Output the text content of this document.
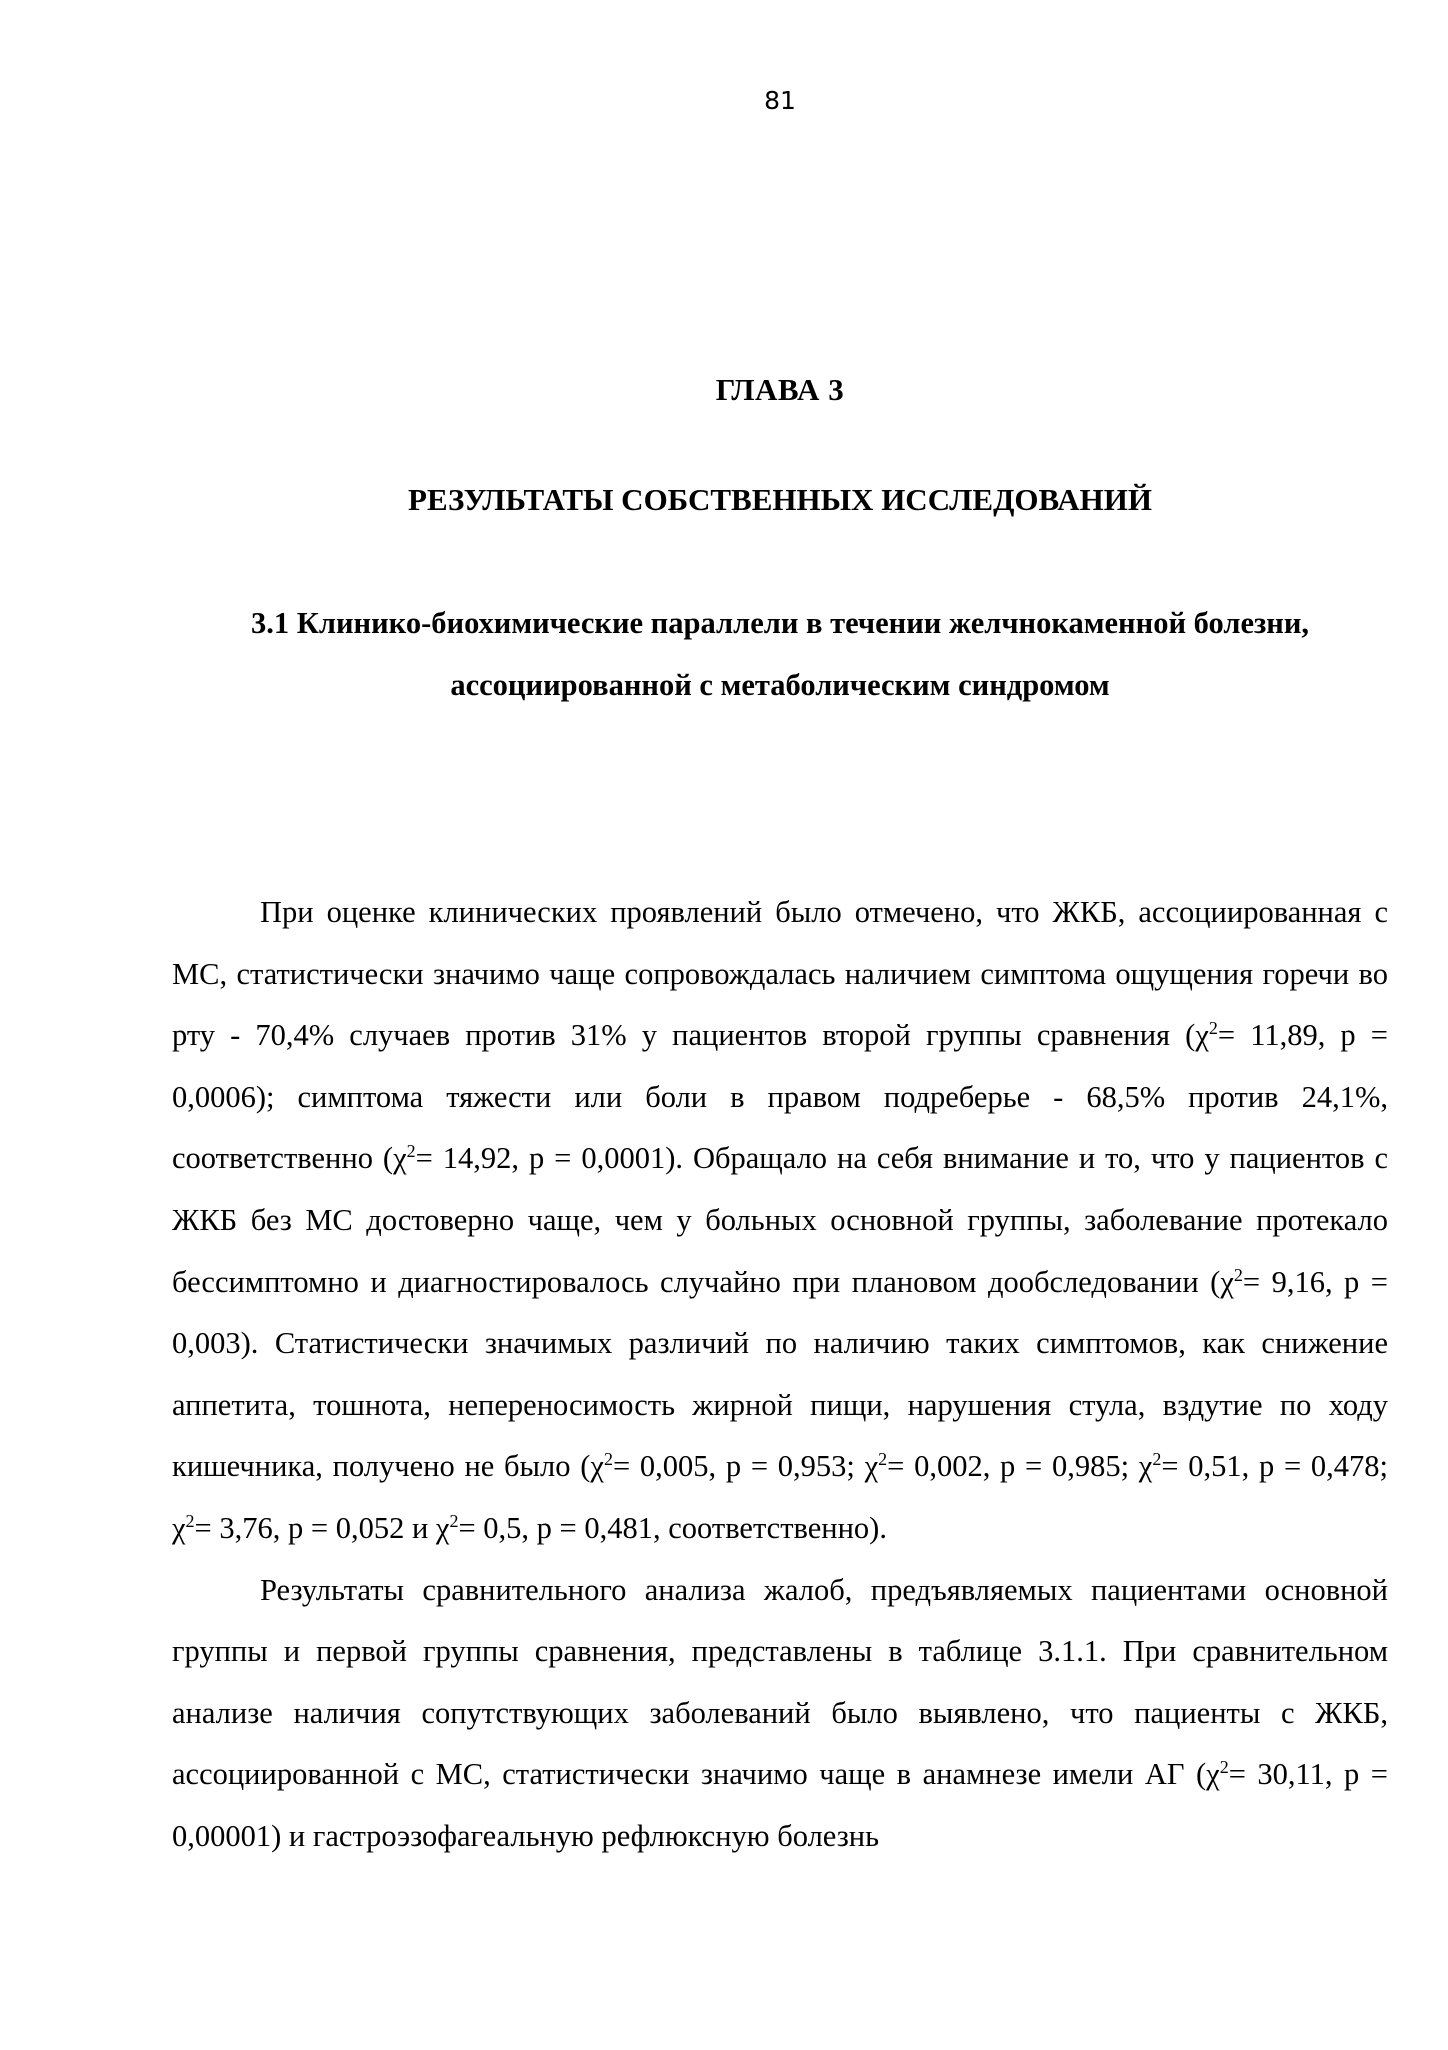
81
ГЛАВА 3
РЕЗУЛЬТАТЫ СОБСТВЕННЫХ ИССЛЕДОВАНИЙ
3.1 Клинико-биохимические параллели в течении желчнокаменной болезни,
ассоциированной с метаболическим синдромом

При оценке клинических проявлений было отмечено, что ЖКБ, ассоциированная с МС, статистически значимо чаще сопровождалась наличием симптома ощущения горечи во рту - 70,4% случаев против 31% у пациентов второй группы сравнения ($\chi^2= 11,89$, p = 0,0006); симптома тяжести или боли в правом подреберье - 68,5% против 24,1%, соответственно ($\chi^2= 14,92$, p = 0,0001). Обращало на себя внимание и то, что у пациентов с ЖКБ без МС достоверно чаще, чем у больных основной группы, заболевание протекало бессимптомно и диагностировалось случайно при плановом дообследовании ($\chi^2= 9,16$, p = 0,003). Статистически значимых различий по наличию таких симптомов, как снижение аппетита, тошнота, непереносимость жирной пищи, нарушения стула, вздутие по ходу кишечника, получено не было ($\chi^2= 0,005$, p = 0,953; $\chi^2= 0,002$, p = 0,985; $\chi^2= 0,51$, p = 0,478; $\chi^2= 3,76$, p = 0,052 и $\chi^2= 0,5$, p = 0,481, соответственно).

Результаты сравнительного анализа жалоб, предъявляемых пациентами основной группы и первой группы сравнения, представлены в таблице 3.1.1. При сравнительном анализе наличия сопутствующих заболеваний было выявлено, что пациенты с ЖКБ, ассоциированной с МС, статистически значимо чаще в анамнезе имели АГ ($\chi^2= 30,11$, p = 0,00001) и гастроэзофагеальную рефлюксную болезнь
